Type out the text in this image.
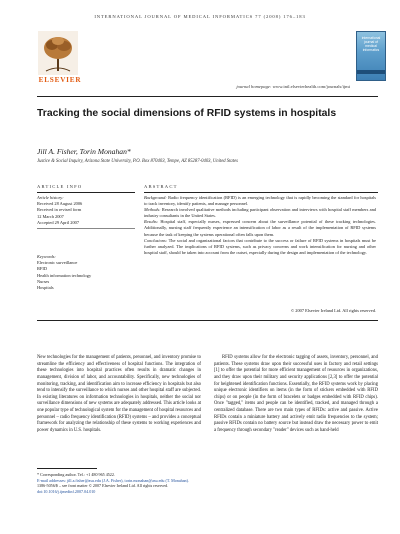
INTERNATIONAL JOURNAL OF MEDICAL INFORMATICS 77 (2008) 176–183
ELSEVIER
journal homepage: www.intl.elsevierhealth.com/journals/ijmi
international journal of medical informatics
Tracking the social dimensions of RFID systems in hospitals
Jill A. Fisher, Torin Monahan*
Justice & Social Inquiry, Arizona State University, P.O. Box 870403, Tempe, AZ 85287-0403, United States
ARTICLE INFO	ABSTRACT
Article history:
Received 28 August 2006
Received in revised form
12 March 2007
Accepted 29 April 2007
Keywords:
Electronic surveillance
RFID
Health information technology
Nurses
Hospitals

Background: Radio frequency identification (RFID) is an emerging technology that is rapidly becoming the standard for hospitals to track inventory, identify patients, and manage personnel.

Methods: Research involved qualitative methods including participant observation and interviews with hospital staff members and industry consultants in the United States.

Results: Hospital staff, especially nurses, expressed concern about the surveillance potential of these tracking technologies. Additionally, nursing staff frequently experience an intensification of labor as a result of the implementation of RFID systems because the task of keeping the systems operational often falls upon them.

Conclusions: The social and organizational factors that contribute to the success or failure of RFID systems in hospitals must be further analyzed. The implications of RFID systems, such as privacy concerns and work intensification for nursing and other hospital staff, should be taken into account from the outset, especially during the design and implementation of the technology.

© 2007 Elsevier Ireland Ltd. All rights reserved.
New technologies for the management of patients, personnel, and inventory promise to streamline the efficiency and effectiveness of hospital functions. The integration of these technologies into hospital practices often results in dramatic changes in management, division of labor, and accountability. Specifically, new technologies of monitoring, tracking, and identification aim to increase efficiency in hospitals but also tend to intensify the surveillance to which nurses and other hospital staff are subjected. In existing literatures on information technologies in hospitals, neither the social nor surveillance dimensions of new systems are adequately addressed. This article looks at one popular type of technological system for the management of hospital resources and personnel – radio frequency identification (RFID) systems – and provides a conceptual framework for analyzing the relationship of these systems to working experiences and power dynamics in U.S. hospitals.
RFID systems allow for the electronic tagging of assets, inventory, personnel, and patients. These systems draw upon their successful uses in factory and retail settings [1] to offer the potential for more efficient management of resources in organizations, and they draw upon their military and security applications [2,3] to offer the potential for heightened identification functions. Essentially, the RFID systems work by placing unique electronic identifiers on items (in the form of stickers embedded with RFID chips) or on people (in the form of bracelets or badges embedded with RFID chips). Once "tagged," items and people can be identified, tracked, and managed through a centralized database. There are two main types of RFIDs: active and passive. Active RFIDs contain a miniature battery and actively emit radio frequencies to the system; passive RFIDs contain no battery source but instead draw the necessary power to emit a frequency through secondary "reader" devices such as hand-held
* Corresponding author. Tel.: +1 480 965 4522.
E-mail addresses: jill.a.fisher@asu.edu (J.A. Fisher), torin.monahan@asu.edu (T. Monahan).
1386-5056/$ – see front matter © 2007 Elsevier Ireland Ltd. All rights reserved.
doi:10.1016/j.ijmedinf.2007.04.010
